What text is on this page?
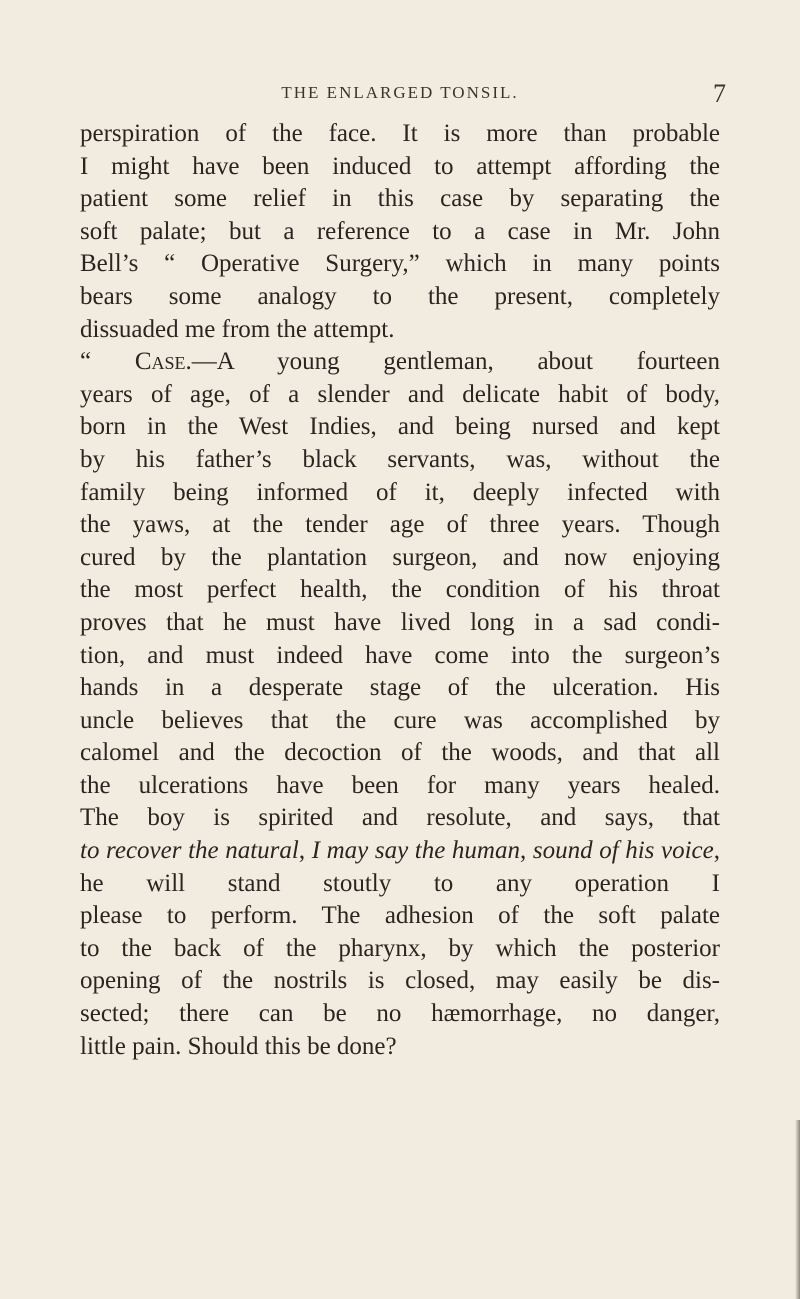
THE ENLARGED TONSIL.	7
perspiration of the face. It is more than probable
I might have been induced to attempt affording the
patient some relief in this case by separating the
soft palate; but a reference to a case in Mr. John
Bell’s “ Operative Surgery,” which in many points
bears some analogy to the present, completely
dissuaded me from the attempt.
“ Case.—A young gentleman, about fourteen
years of age, of a slender and delicate habit of body,
born in the West Indies, and being nursed and kept
by his father’s black servants, was, without the
family being informed of it, deeply infected with
the yaws, at the tender age of three years. Though
cured by the plantation surgeon, and now enjoying
the most perfect health, the condition of his throat
proves that he must have lived long in a sad condi-
tion, and must indeed have come into the surgeon’s
hands in a desperate stage of the ulceration. His
uncle believes that the cure was accomplished by
calomel and the decoction of the woods, and that all
the ulcerations have been for many years healed.
The boy is spirited and resolute, and says, that
to recover the natural, I may say the human, sound of his voice,
he will stand stoutly to any operation I
please to perform. The adhesion of the soft palate
to the back of the pharynx, by which the posterior
opening of the nostrils is closed, may easily be dis-
sected; there can be no hæmorrhage, no danger,
little pain. Should this be done?
